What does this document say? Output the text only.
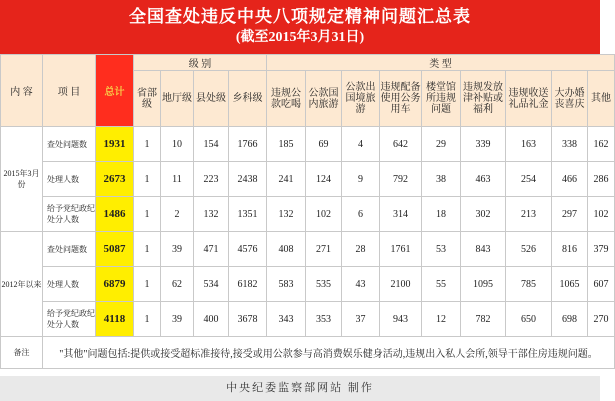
全国查处违反中央八项规定精神问题汇总表
(截至2015年3月31日)
内 容	项 目	总计	级 别				类 型								
			省部级	地厅级	县处级	乡科级	违规公款吃喝	公款国内旅游	公款出国境旅游	违规配备使用公务用车	楼堂馆所违规问题	违规发放津补贴或福利	违规收送礼品礼金	大办婚丧喜庆	其他
2015年3月份	查处问题数	1931	1	10	154	1766	185	69	4	642	29	339	163	338	162
	处理人数	2673	1	11	223	2438	241	124	9	792	38	463	254	466	286
	给予党纪政纪处分人数	1486	1	2	132	1351	132	102	6	314	18	302	213	297	102
2012年以来	查处问题数	5087	1	39	471	4576	408	271	28	1761	53	843	526	816	379
	处理人数	6879	1	62	534	6182	583	535	43	2100	55	1095	785	1065	607
	给予党纪政纪处分人数	4118	1	39	400	3678	343	353	37	943	12	782	650	698	270
备注	"其他"问题包括:提供或接受超标准接待,接受或用公款参与高消费娱乐健身活动,违规出入私人会所,领导干部住房违规问题。														
中央纪委监察部网站 制作
